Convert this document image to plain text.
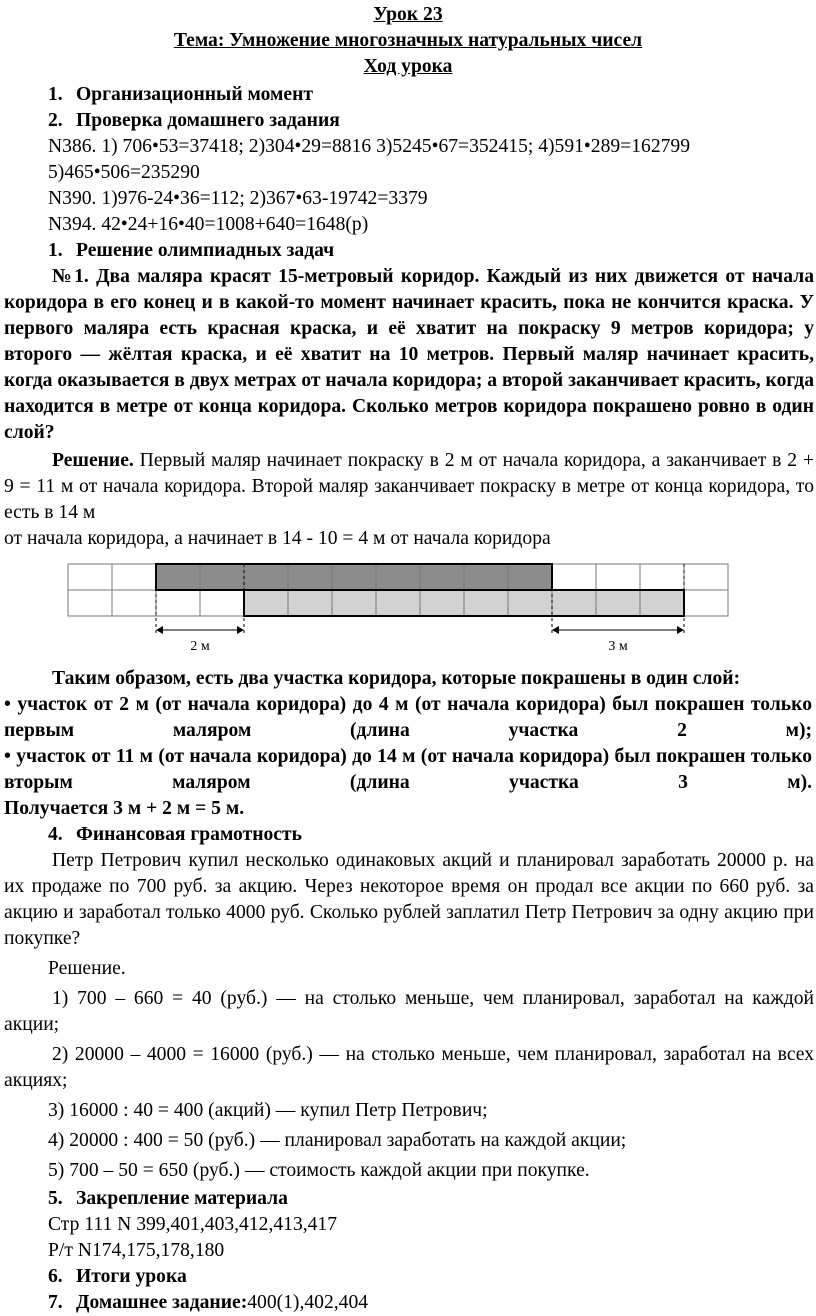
Урок 23
Тема: Умножение многозначных натуральных чисел
Ход урока
1. Организационный момент
2. Проверка домашнего задания
N386. 1) 706•53=37418; 2)304•29=8816 3)5245•67=352415; 4)591•289=162799
5)465•506=235290
N390. 1)976-24•36=112; 2)367•63-19742=3379
N394. 42•24+16•40=1008+640=1648(р)
1. Решение олимпиадных задач
№1. Два маляра красят 15-метровый коридор. Каждый из них движется от начала коридора в его конец и в какой-то момент начинает красить, пока не кончится краска. У первого маляра есть красная краска, и её хватит на покраску 9 метров коридора; у второго — жёлтая краска, и её хватит на 10 метров. Первый маляр начинает красить, когда оказывается в двух метрах от начала коридора; а второй заканчивает красить, когда находится в метре от конца коридора. Сколько метров коридора покрашено ровно в один слой?
Решение. Первый маляр начинает покраску в 2 м от начала коридора, а заканчивает в 2 + 9 = 11 м от начала коридора. Второй маляр заканчивает покраску в метре от конца коридора, то есть в 14 м
от начала коридора, а начинает в 14 - 10 = 4 м от начала коридора
2 м	3 м
Таким образом, есть два участка коридора, которые покрашены в один слой:
• участок от 2 м (от начала коридора) до 4 м (от начала коридора) был покрашен только первым маляром (длина участка 2 м);
• участок от 11 м (от начала коридора) до 14 м (от начала коридора) был покрашен только вторым маляром (длина участка 3 м).
Получается 3 м + 2 м = 5 м.
4. Финансовая грамотность
Петр Петрович купил несколько одинаковых акций и планировал заработать 20000 р. на их продаже по 700 руб. за акцию. Через некоторое время он продал все акции по 660 руб. за акцию и заработал только 4000 руб. Сколько рублей заплатил Петр Петрович за одну акцию при покупке?
Решение.
1) 700 – 660 = 40 (руб.) — на столько меньше, чем планировал, заработал на каждой акции;
2) 20000 – 4000 = 16000 (руб.) — на столько меньше, чем планировал, заработал на всех акциях;
3) 16000 : 40 = 400 (акций) — купил Петр Петрович;
4) 20000 : 400 = 50 (руб.) — планировал заработать на каждой акции;
5) 700 – 50 = 650 (руб.) — стоимость каждой акции при покупке.
5. Закрепление материала
Стр 111 N 399,401,403,412,413,417
Р/т N174,175,178,180
6. Итоги урока
7. Домашнее задание: 400(1),402,404
